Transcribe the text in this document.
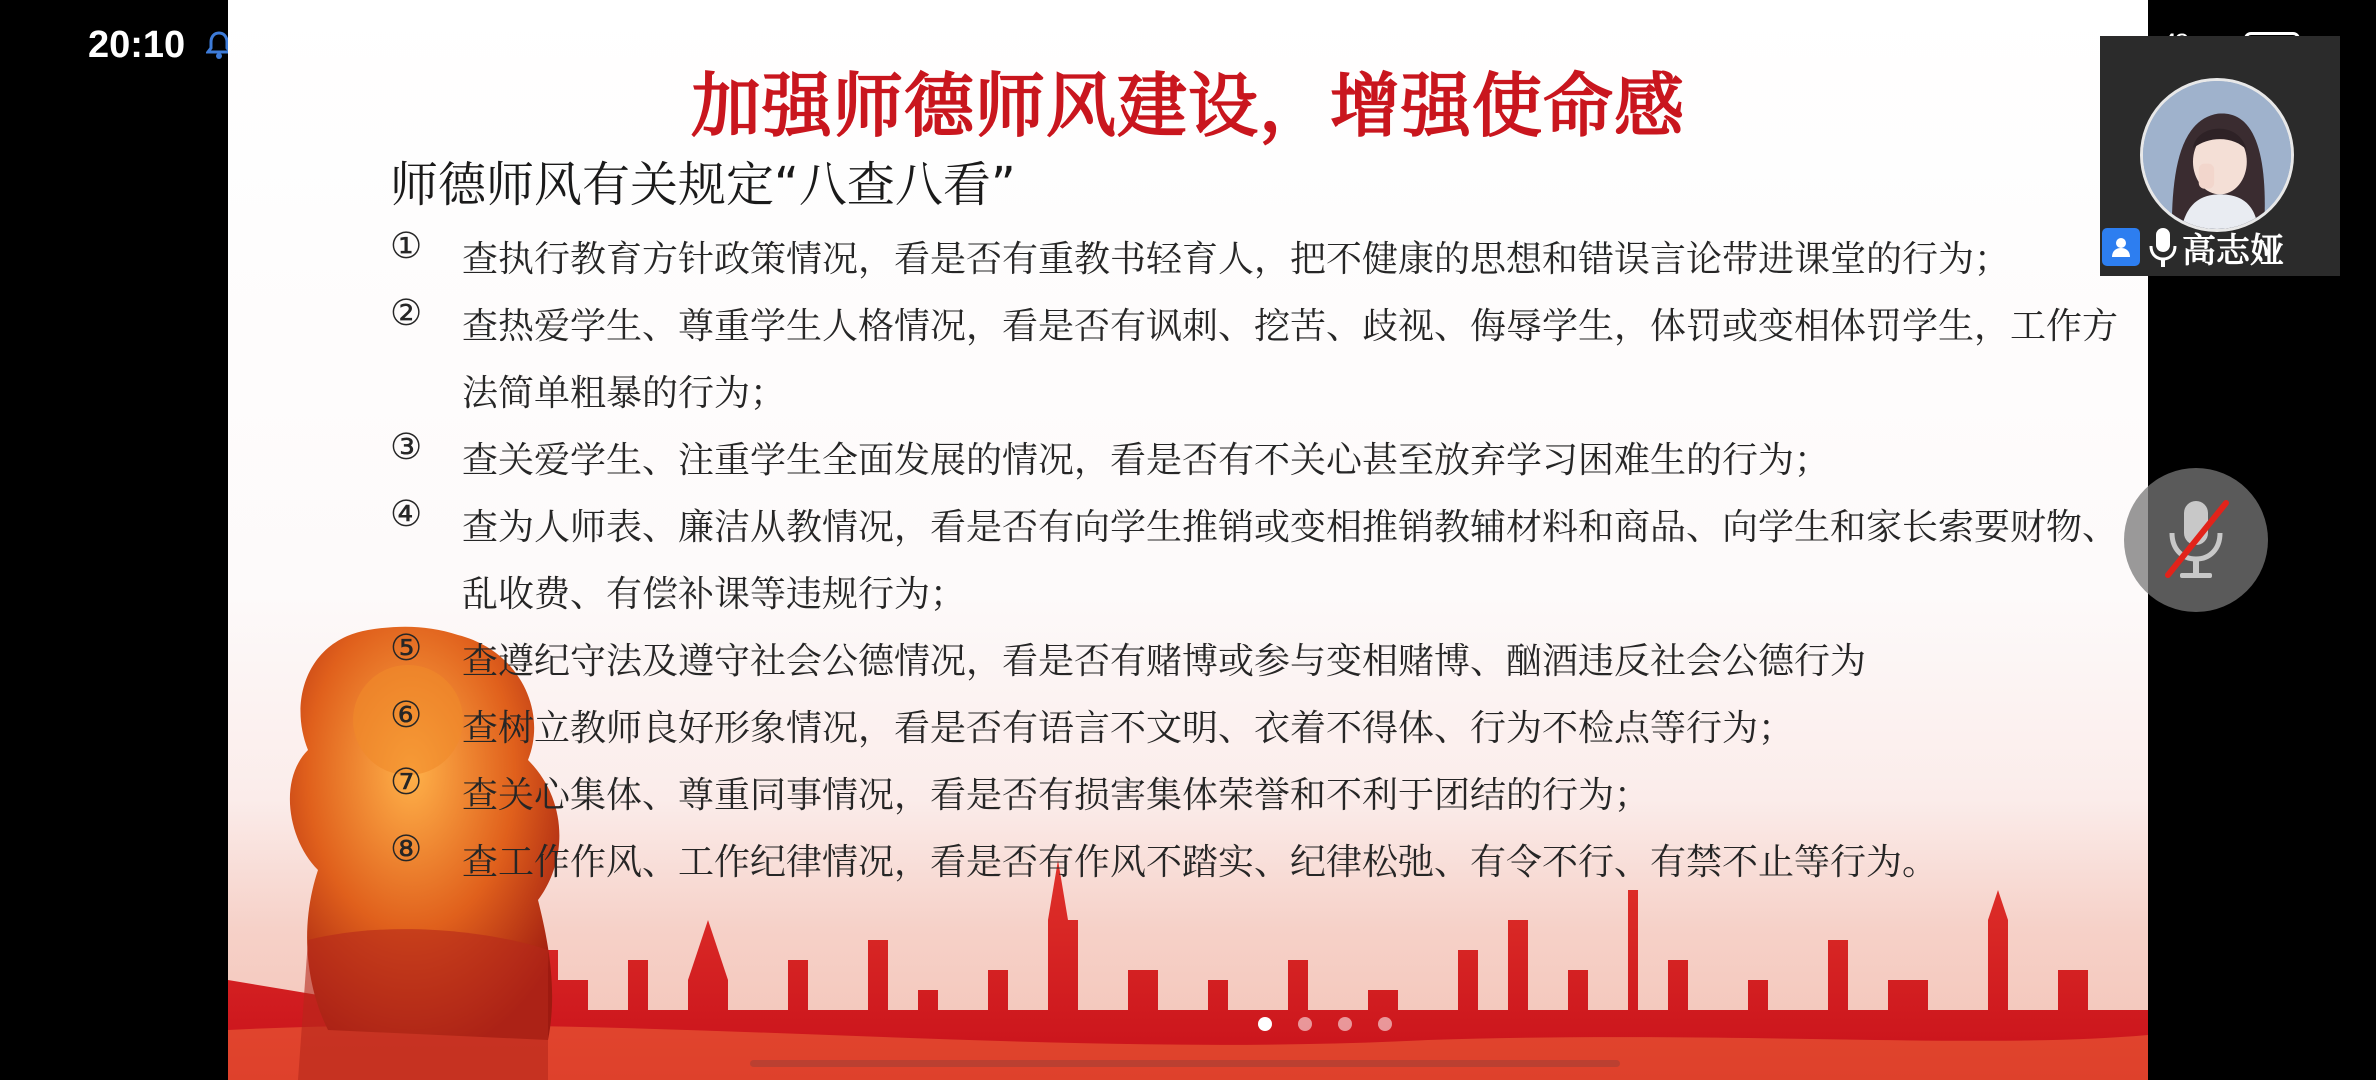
20:10
加强师德师风建设，增强使命感
师德师风有关规定“八查八看”
① 查执行教育方针政策情况，看是否有重教书轻育人，把不健康的思想和错误言论带进课堂的行为；
② 查热爱学生、尊重学生人格情况，看是否有讽刺、挖苦、歧视、侮辱学生，体罚或变相体罚学生，工作方法简单粗暴的行为；
③ 查关爱学生、注重学生全面发展的情况，看是否有不关心甚至放弃学习困难生的行为；
④ 查为人师表、廉洁从教情况，看是否有向学生推销或变相推销教辅材料和商品、向学生和家长索要财物、乱收费、有偿补课等违规行为；
⑤ 查遵纪守法及遵守社会公德情况，看是否有赌博或参与变相赌博、酗酒违反社会公德行为
⑥ 查树立教师良好形象情况，看是否有语言不文明、衣着不得体、行为不检点等行为；
⑦ 查关心集体、尊重同事情况，看是否有损害集体荣誉和不利于团结的行为；
⑧ 查工作作风、工作纪律情况，看是否有作风不踏实、纪律松弛、有令不行、有禁不止等行为。
高志娅
